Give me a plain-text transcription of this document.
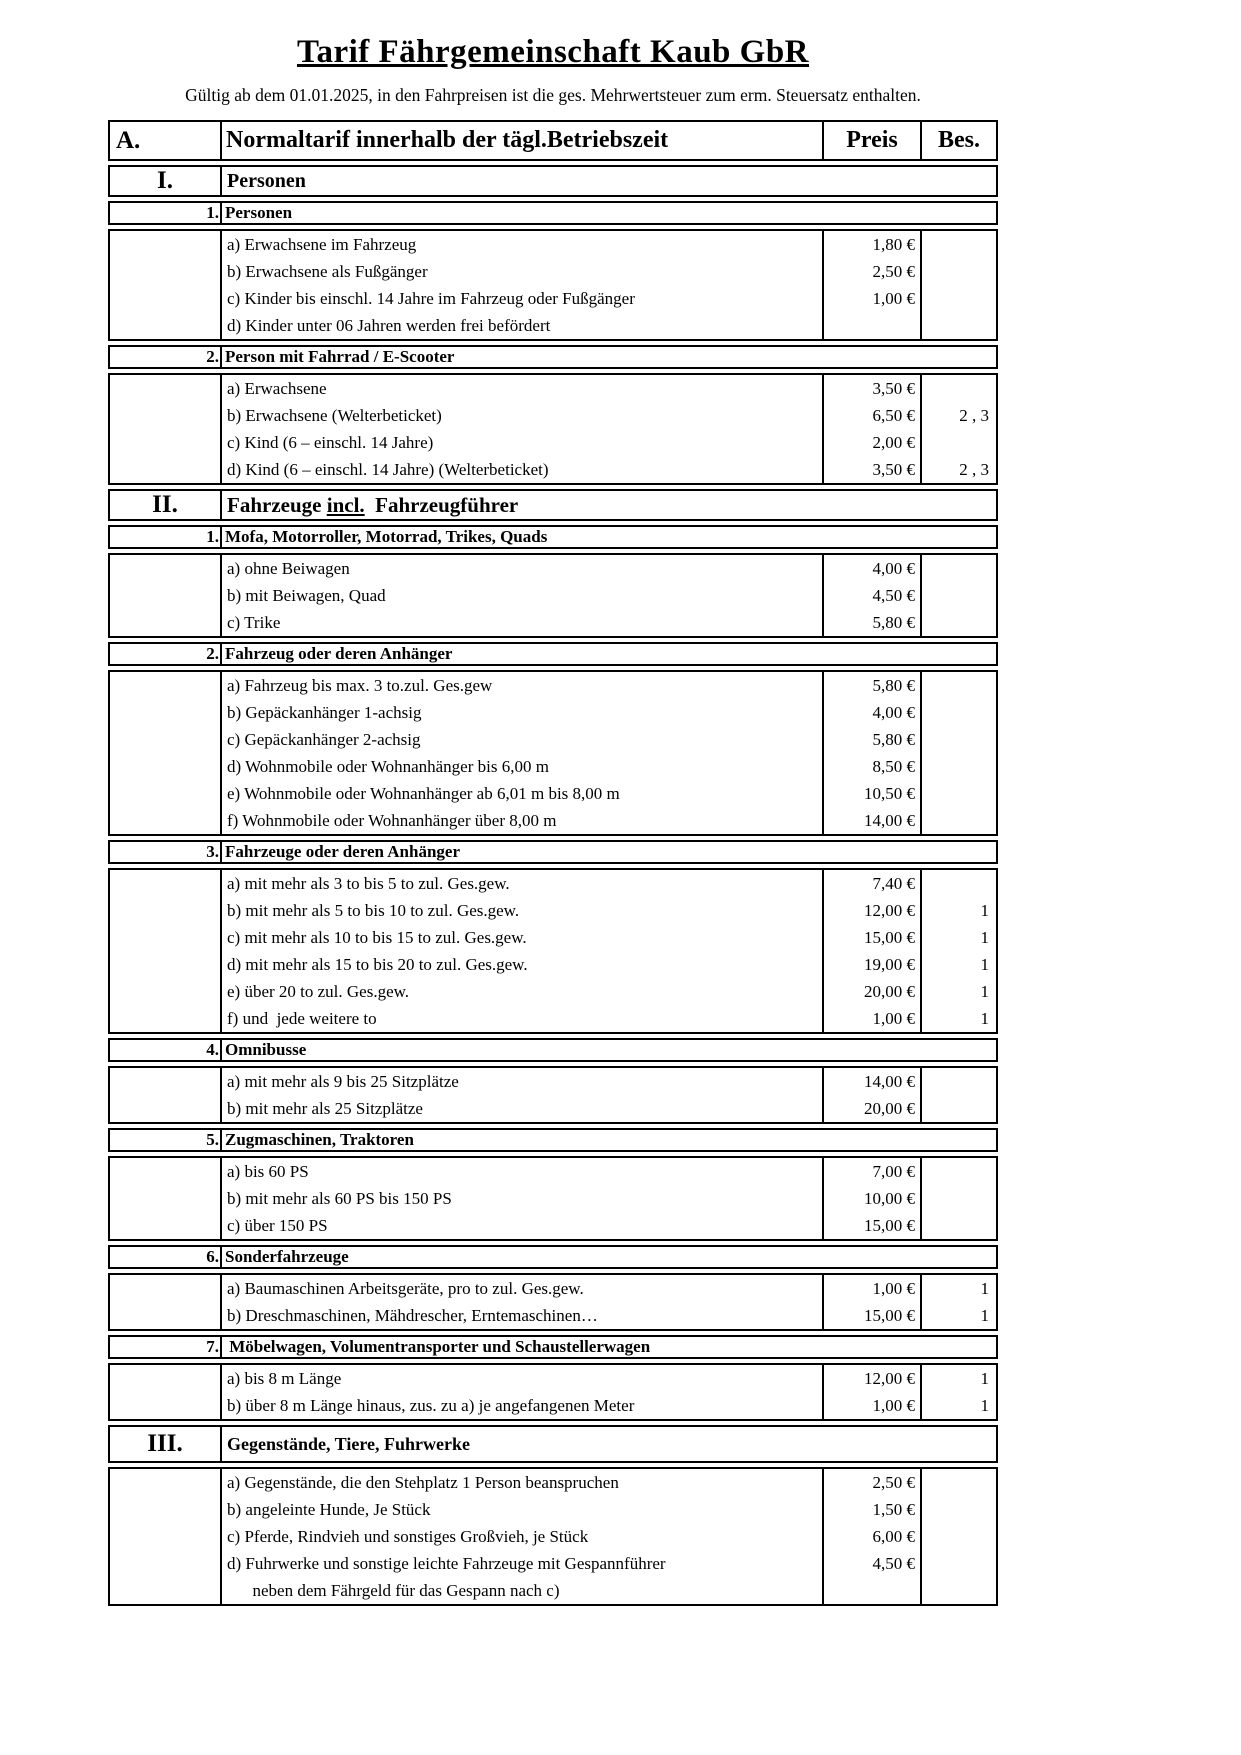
Tarif Fährgemeinschaft Kaub GbR
Gültig ab dem 01.01.2025, in den Fahrpreisen ist die ges. Mehrwertsteuer zum erm. Steuersatz enthalten.
A.	Normaltarif innerhalb der tägl.Betriebszeit	Preis	Bes.
I.	Personen
1. Personen
a) Erwachsene im Fahrzeug	1,80 €
b) Erwachsene als Fußgänger	2,50 €
c) Kinder bis einschl. 14 Jahre im Fahrzeug oder Fußgänger	1,00 €
d) Kinder unter 06 Jahren werden frei befördert
2. Person mit Fahrrad / E-Scooter
a) Erwachsene	3,50 €
b) Erwachsene (Welterbeticket)	6,50 €	2 , 3
c) Kind (6 – einschl. 14 Jahre)	2,00 €
d) Kind (6 – einschl. 14 Jahre) (Welterbeticket)	3,50 €	2 , 3
II.	Fahrzeuge incl. Fahrzeugführer
1. Mofa, Motorroller, Motorrad, Trikes, Quads
a) ohne Beiwagen	4,00 €
b) mit Beiwagen, Quad	4,50 €
c) Trike	5,80 €
2. Fahrzeug oder deren Anhänger
a) Fahrzeug bis max. 3 to.zul. Ges.gew	5,80 €
b) Gepäckanhänger 1-achsig	4,00 €
c) Gepäckanhänger 2-achsig	5,80 €
d) Wohnmobile oder Wohnanhänger bis 6,00 m	8,50 €
e) Wohnmobile oder Wohnanhänger ab 6,01 m bis 8,00 m	10,50 €
f) Wohnmobile oder Wohnanhänger über 8,00 m	14,00 €
3. Fahrzeuge oder deren Anhänger
a) mit mehr als 3 to bis 5 to zul. Ges.gew.	7,40 €
b) mit mehr als 5 to bis 10 to zul. Ges.gew.	12,00 €	1
c) mit mehr als 10 to bis 15 to zul. Ges.gew.	15,00 €	1
d) mit mehr als 15 to bis 20 to zul. Ges.gew.	19,00 €	1
e) über 20 to zul. Ges.gew.	20,00 €	1
f) und  jede weitere to	1,00 €	1
4. Omnibusse
a) mit mehr als 9 bis 25 Sitzplätze	14,00 €
b) mit mehr als 25 Sitzplätze	20,00 €
5. Zugmaschinen, Traktoren
a) bis 60 PS	7,00 €
b) mit mehr als 60 PS bis 150 PS	10,00 €
c) über 150 PS	15,00 €
6. Sonderfahrzeuge
a) Baumaschinen Arbeitsgeräte, pro to zul. Ges.gew.	1,00 €	1
b) Dreschmaschinen, Mähdrescher, Erntemaschinen…	15,00 €	1
7. Möbelwagen, Volumentransporter und Schaustellerwagen
a) bis 8 m Länge	12,00 €	1
b) über 8 m Länge hinaus, zus. zu a) je angefangenen Meter	1,00 €	1
III.	Gegenstände, Tiere, Fuhrwerke
a) Gegenstände, die den Stehplatz 1 Person beanspruchen	2,50 €
b) angeleinte Hunde, Je Stück	1,50 €
c) Pferde, Rindvieh und sonstiges Großvieh, je Stück	6,00 €
d) Fuhrwerke und sonstige leichte Fahrzeuge mit Gespannführer	4,50 €
neben dem Fährgeld für das Gespann nach c)
